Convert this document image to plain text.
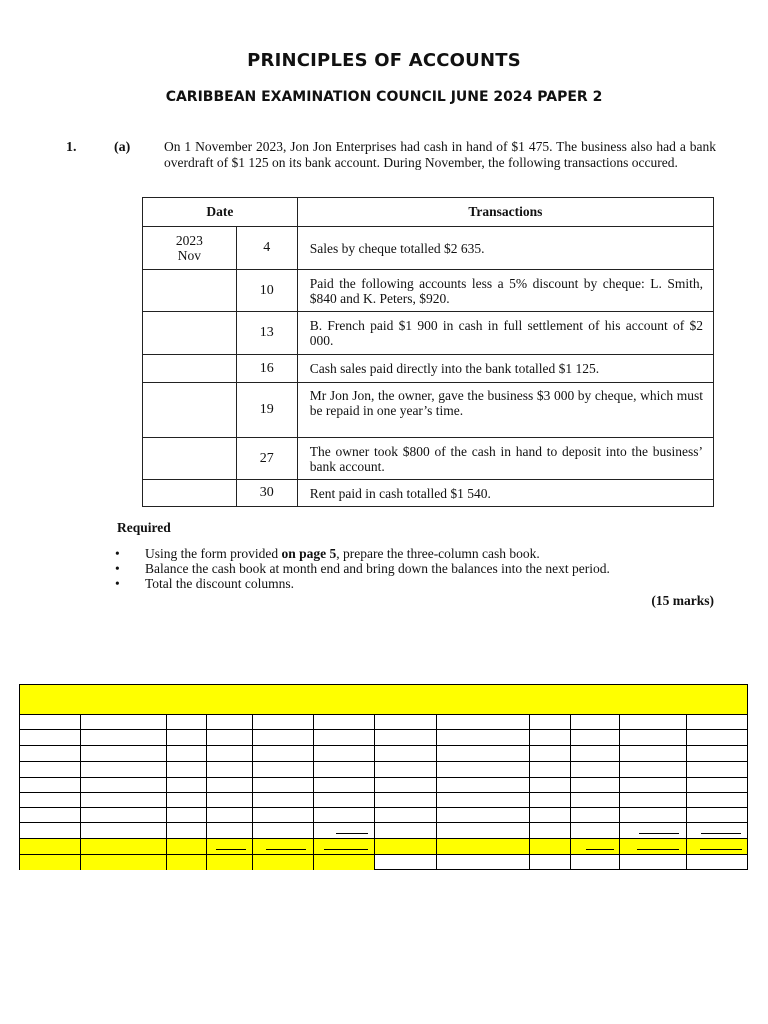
PRINCIPLES OF ACCOUNTS
CARIBBEAN EXAMINATION COUNCIL JUNE 2024 PAPER 2
1.	(a) On 1 November 2023, Jon Jon Enterprises had cash in hand of $1 475. The business also had a bank overdraft of $1 125 on its bank account. During November, the following transactions occured.
Date		Transactions
2023
Nov	4	Sales by cheque totalled $2 635.
	10	Paid the following accounts less a 5% discount by cheque: L. Smith, $840 and K. Peters, $920.
	13	B. French paid $1 900 in cash in full settlement of his account of $2 000.
	16	Cash sales paid directly into the bank totalled $1 125.
	19	Mr Jon Jon, the owner, gave the business $3 000 by cheque, which must be repaid in one year’s time.
	27	The owner took $800 of the cash in hand to deposit into the business’ bank account.
	30	Rent paid in cash totalled $1 540.
Required
• Using the form provided on page 5, prepare the three-column cash book.
• Balance the cash book at month end and bring down the balances into the next period.
• Total the discount columns.
(15 marks)
